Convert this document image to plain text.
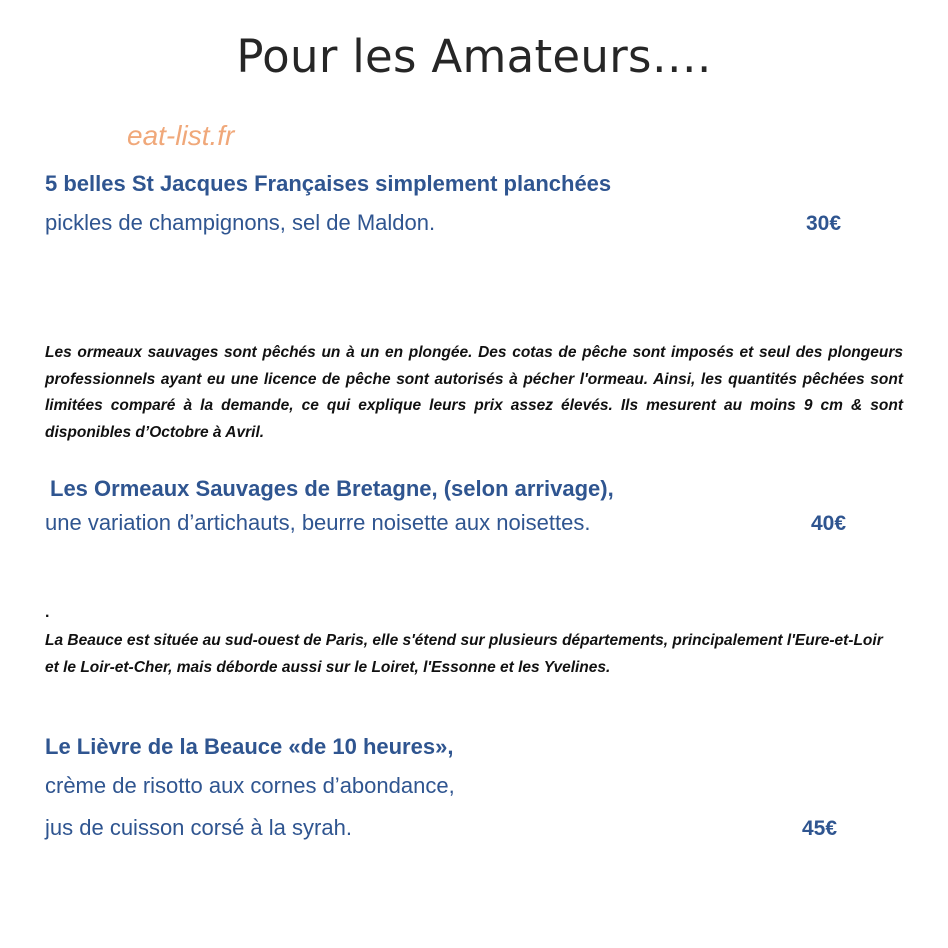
Pour les Amateurs….
eat-list.fr
5 belles St Jacques Françaises simplement planchées
pickles de champignons, sel de Maldon.	30€
Les ormeaux sauvages sont pêchés un à un en plongée. Des cotas de pêche sont imposés et seul des plongeurs professionnels ayant eu une licence de pêche sont autorisés à pécher l'ormeau. Ainsi, les quantités pêchées sont limitées comparé à la demande, ce qui explique leurs prix assez élevés. Ils mesurent au moins 9 cm & sont disponibles d’Octobre à Avril.
Les Ormeaux Sauvages de Bretagne, (selon arrivage),
une variation d’artichauts, beurre noisette aux noisettes.	40€
.
La Beauce est située au sud-ouest de Paris, elle s'étend sur plusieurs départements, principalement l'Eure-et-Loir et le Loir-et-Cher, mais déborde aussi sur le Loiret, l'Essonne et les Yvelines.
Le Lièvre de la Beauce «de 10 heures»,
crème de risotto aux cornes d’abondance,
jus de cuisson corsé à la syrah.	45€
